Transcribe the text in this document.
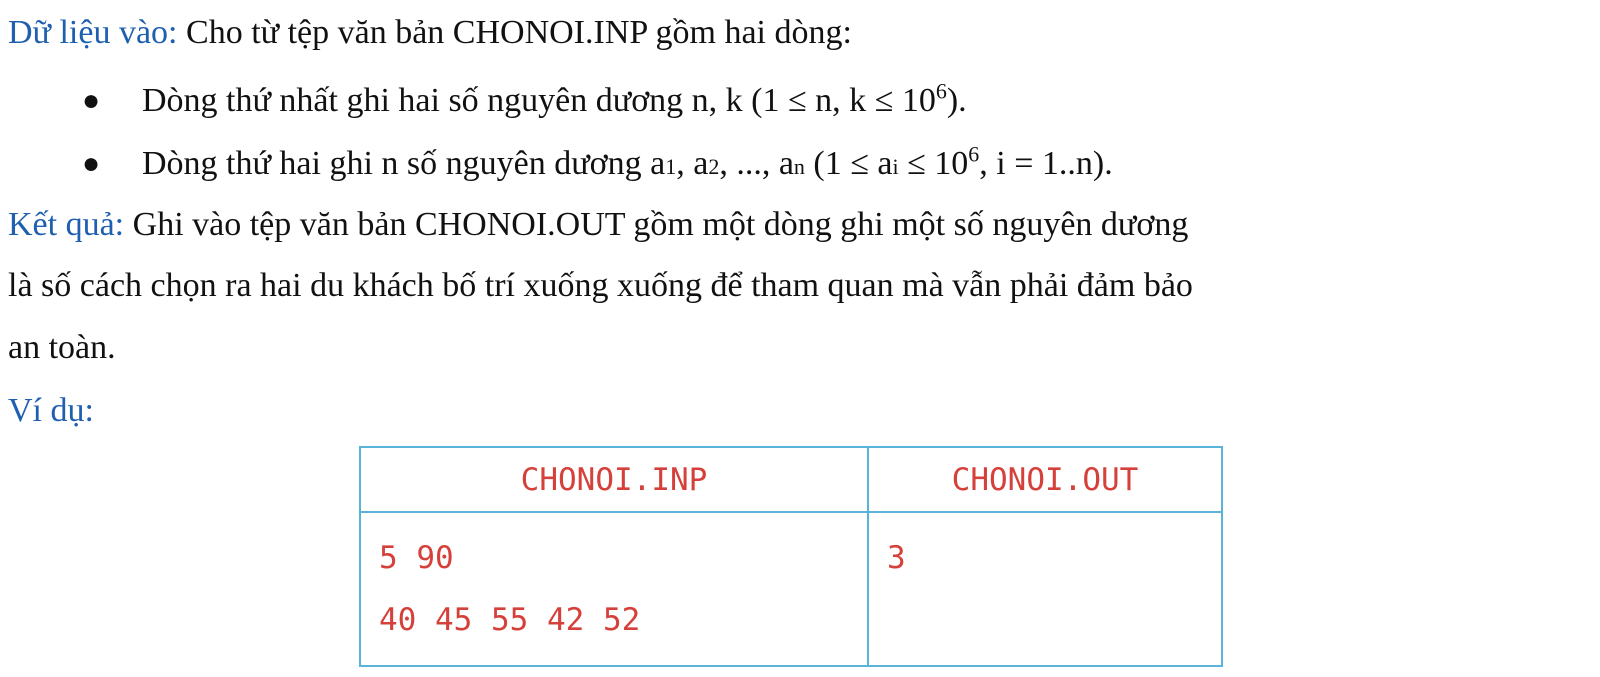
Dữ liệu vào: Cho từ tệp văn bản CHONOI.INP gồm hai dòng:
● Dòng thứ nhất ghi hai số nguyên dương n, k (1 ≤ n, $k \le 10^6$).
● Dòng thứ hai ghi n số nguyên dương a1, a2, ..., an (1 ≤ ai ≤ $10^6$, i = 1..n).
Kết quả: Ghi vào tệp văn bản CHONOI.OUT gồm một dòng ghi một số nguyên dương
là số cách chọn ra hai du khách bố trí xuống xuống để tham quan mà vẫn phải đảm bảo
an toàn.
Ví dụ:
CHONOI.INP	CHONOI.OUT

5 90
40 45 55 42 52	3
